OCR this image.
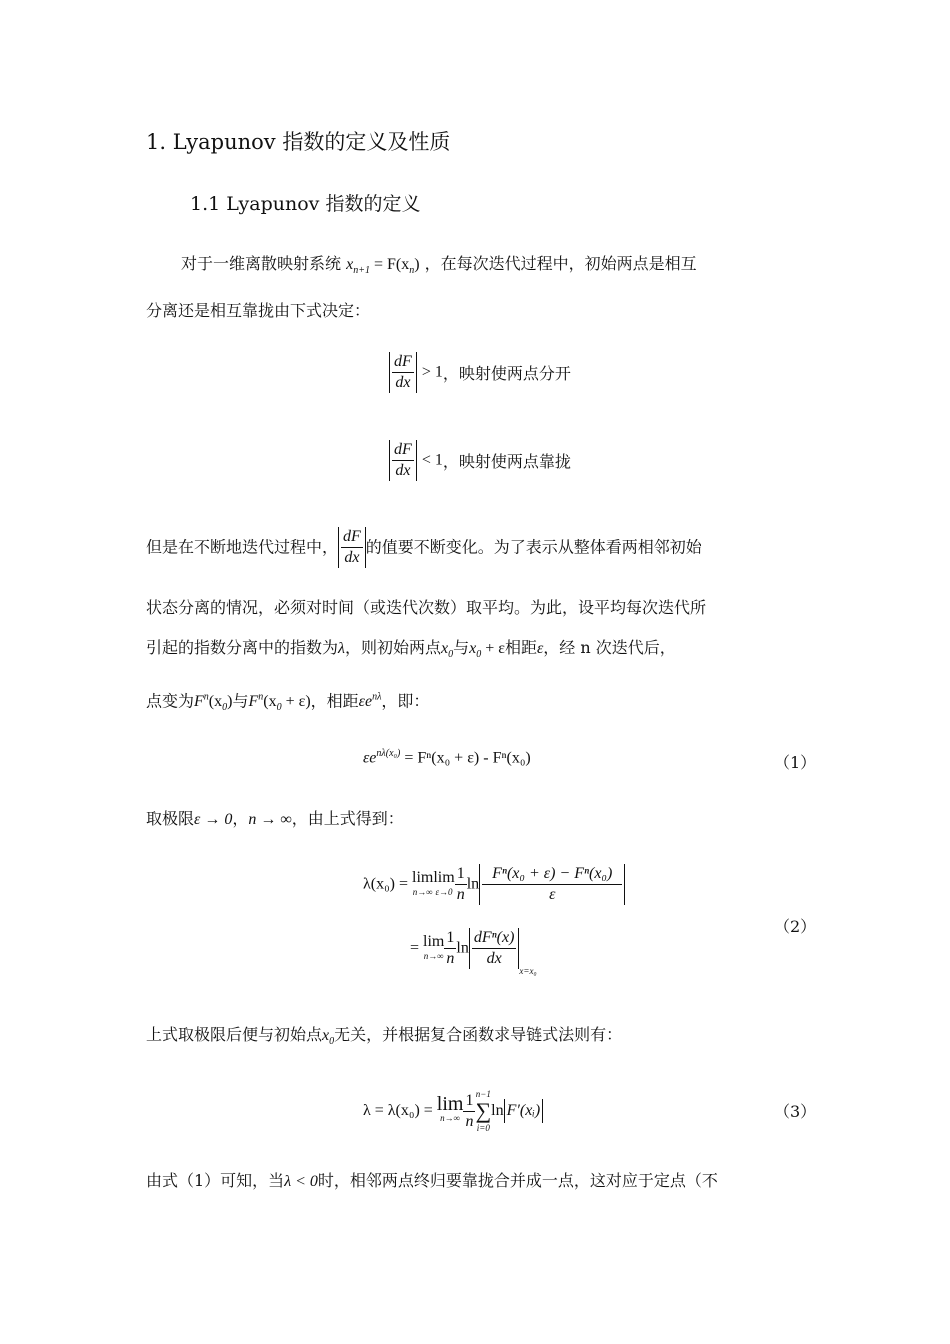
1. Lyapunov 指数的定义及性质
1.1 Lyapunov 指数的定义
对于一维离散映射系统 $x_{n+1} = F(x_n)$ ，在每次迭代过程中，初始两点是相互
分离还是相互靠拢由下式决定：
$\frac{dF}{dx} > 1$，映射使两点分开
$\frac{dF}{dx} < 1$，映射使两点靠拢
但是在不断地迭代过程中， $\frac{dF}{dx}$ 的值要不断变化。为了表示从整体看两相邻初始
状态分离的情况，必须对时间（或迭代次数）取平均。为此，设平均每次迭代所
引起的指数分离中的指数为λ，则初始两点$x_0$与$x_0 + \varepsilon$相距ε，经 n 次迭代后，
点变为$F^n(x_0)$与$F^n(x_0 + \varepsilon)$，相距$\varepsilon e^{n\lambda}$，即：
$\varepsilon e^{n\lambda(x_0)} = F^n(x_0 + \varepsilon) - F^n(x_0)$	（1）
取极限ε → 0，n → ∞，由上式得到：
λ(x₀) = lim
n→∞
lim
$\varepsilon\to 0 \frac{1}{n}$ $\ln \frac{\text{Fⁿ(x₀ + ε) − Fⁿ(x₀)}}{\varepsilon}$
（2）
= lim
$n\to\infty \frac{1}{n}$ $\ln \frac{\text{dFⁿ(x)}}{dx}$
$_{x=x_0}$
上式取极限后便与初始点$x_0$无关，并根据复合函数求导链式法则有：
λ = λ(x₀) = lim
$n\to\infty \frac{1}{n} n-1$
∑
i=0
ln F′(xᵢ)	（3）
由式（1）可知，当λ < 0时，相邻两点终归要靠拢合并成一点，这对应于定点（不
